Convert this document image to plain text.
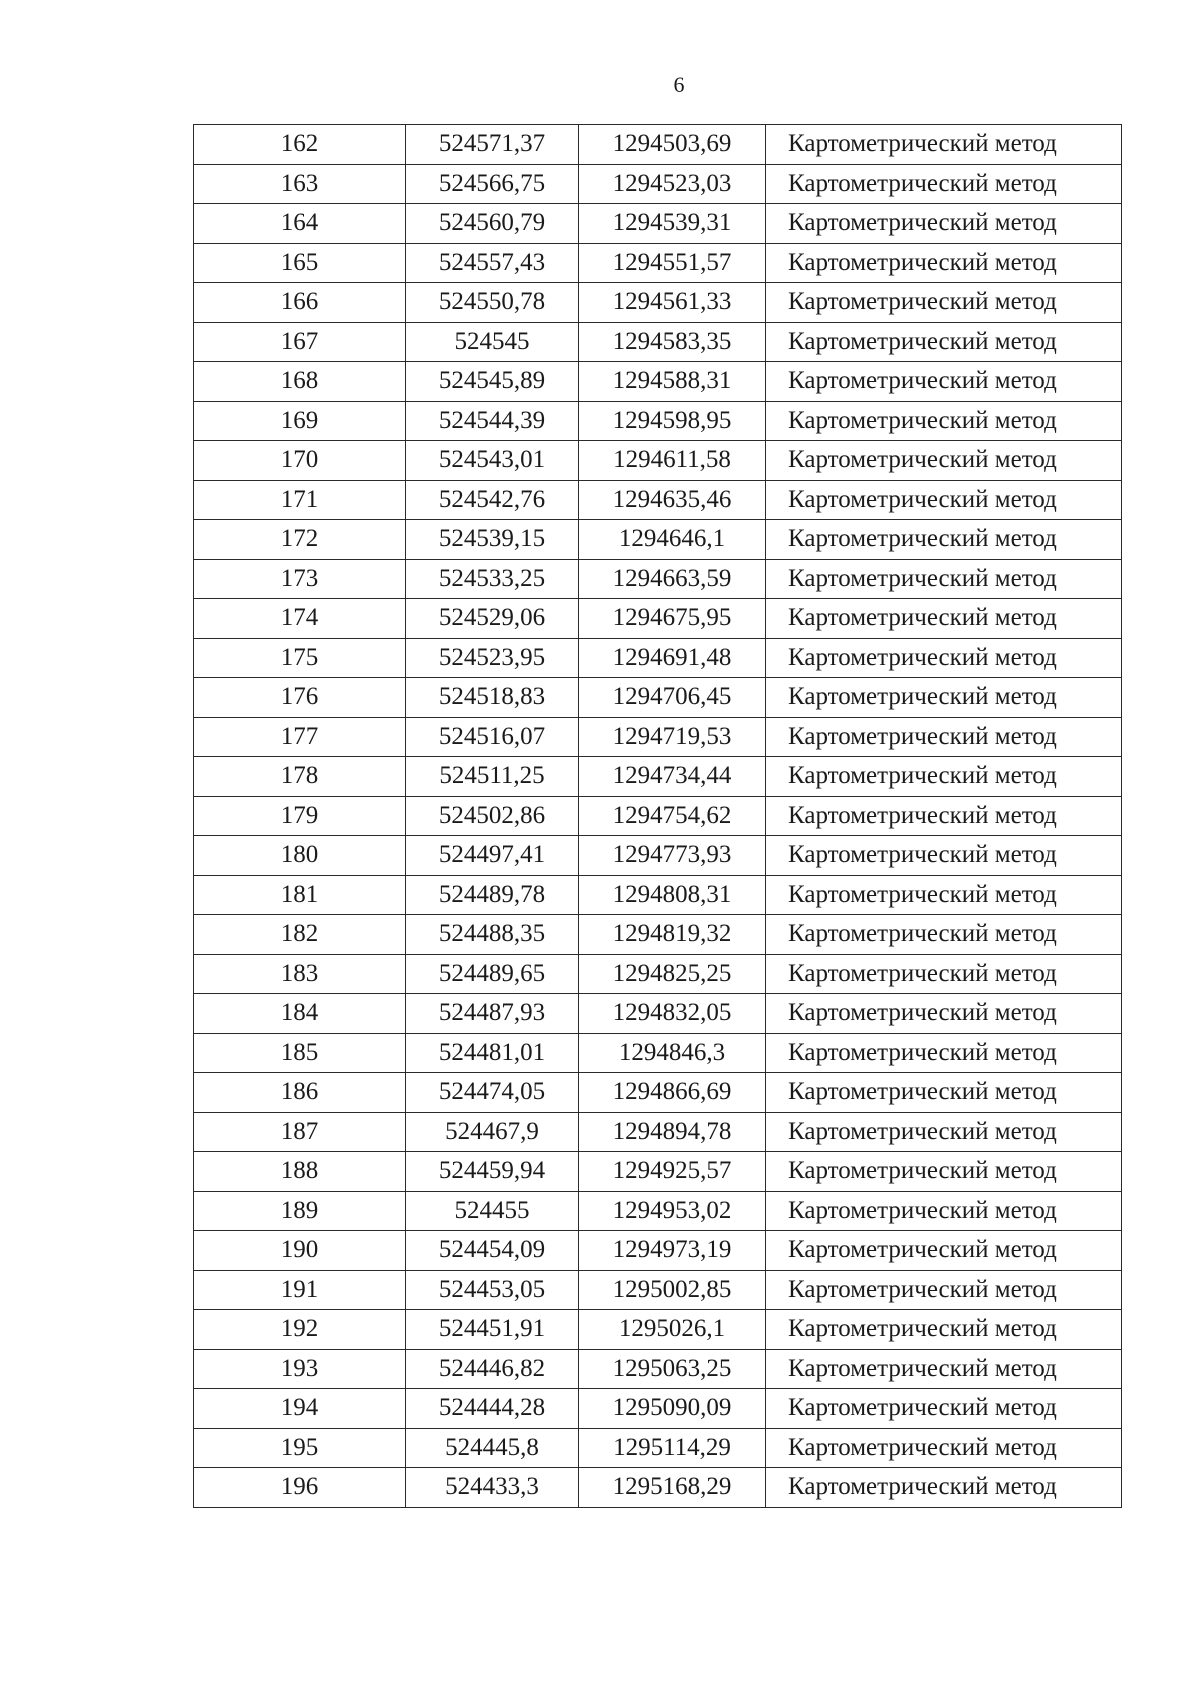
6
162	524571,37	1294503,69	Картометрический метод
163	524566,75	1294523,03	Картометрический метод
164	524560,79	1294539,31	Картометрический метод
165	524557,43	1294551,57	Картометрический метод
166	524550,78	1294561,33	Картометрический метод
167	524545	1294583,35	Картометрический метод
168	524545,89	1294588,31	Картометрический метод
169	524544,39	1294598,95	Картометрический метод
170	524543,01	1294611,58	Картометрический метод
171	524542,76	1294635,46	Картометрический метод
172	524539,15	1294646,1	Картометрический метод
173	524533,25	1294663,59	Картометрический метод
174	524529,06	1294675,95	Картометрический метод
175	524523,95	1294691,48	Картометрический метод
176	524518,83	1294706,45	Картометрический метод
177	524516,07	1294719,53	Картометрический метод
178	524511,25	1294734,44	Картометрический метод
179	524502,86	1294754,62	Картометрический метод
180	524497,41	1294773,93	Картометрический метод
181	524489,78	1294808,31	Картометрический метод
182	524488,35	1294819,32	Картометрический метод
183	524489,65	1294825,25	Картометрический метод
184	524487,93	1294832,05	Картометрический метод
185	524481,01	1294846,3	Картометрический метод
186	524474,05	1294866,69	Картометрический метод
187	524467,9	1294894,78	Картометрический метод
188	524459,94	1294925,57	Картометрический метод
189	524455	1294953,02	Картометрический метод
190	524454,09	1294973,19	Картометрический метод
191	524453,05	1295002,85	Картометрический метод
192	524451,91	1295026,1	Картометрический метод
193	524446,82	1295063,25	Картометрический метод
194	524444,28	1295090,09	Картометрический метод
195	524445,8	1295114,29	Картометрический метод
196	524433,3	1295168,29	Картометрический метод
